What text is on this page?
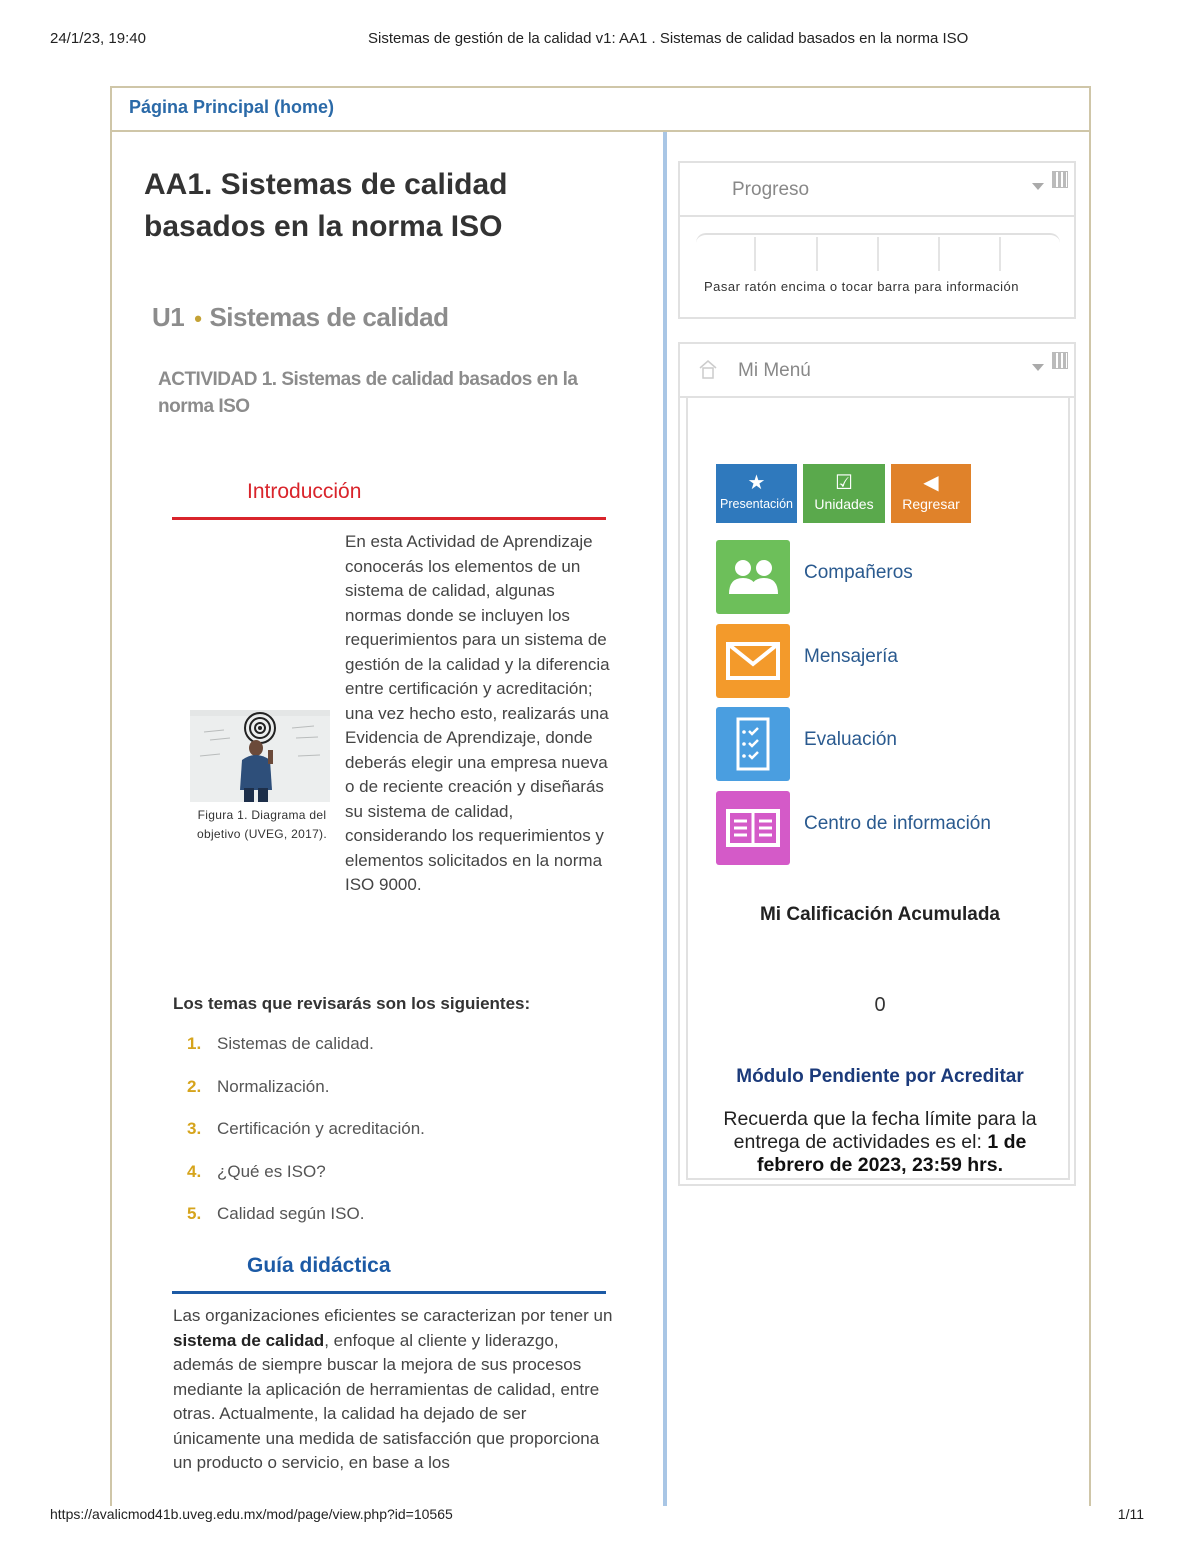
24/1/23, 19:40	Sistemas de gestión de la calidad v1: AA1 . Sistemas de calidad basados en la norma ISO
Página Principal (home)
AA1. Sistemas de calidad basados en la norma ISO
U1 • Sistemas de calidad
ACTIVIDAD 1. Sistemas de calidad basados en la norma ISO
Introducción
Figura 1. Diagrama del objetivo (UVEG, 2017).

En esta Actividad de Aprendizaje conocerás los elementos de un sistema de calidad, algunas normas donde se incluyen los requerimientos para un sistema de gestión de la calidad y la diferencia entre certificación y acreditación; una vez hecho esto, realizarás una Evidencia de Aprendizaje, donde deberás elegir una empresa nueva o de reciente creación y diseñarás su sistema de calidad, considerando los requerimientos y elementos solicitados en la norma ISO 9000.

Los temas que revisarás son los siguientes:
1. Sistemas de calidad.
2. Normalización.
3. Certificación y acreditación.
4. ¿Qué es ISO?
5. Calidad según ISO.
Guía didáctica

Las organizaciones eficientes se caracterizan por tener un sistema de calidad, enfoque al cliente y liderazgo, además de siempre buscar la mejora de sus procesos mediante la aplicación de herramientas de calidad, entre otras. Actualmente, la calidad ha dejado de ser únicamente una medida de satisfacción que proporciona un producto o servicio, en base a los

Progreso
Pasar ratón encima o tocar barra para información
Mi Menú
★
Presentación
☑
Unidades
◀
Regresar
Compañeros
Mensajería
Evaluación
Centro de información
Mi Calificación Acumulada
0
Módulo Pendiente por Acreditar
Recuerda que la fecha límite para la entrega de actividades es el: 1 de febrero de 2023, 23:59 hrs.
https://avalicmod41b.uveg.edu.mx/mod/page/view.php?id=10565	1/11
